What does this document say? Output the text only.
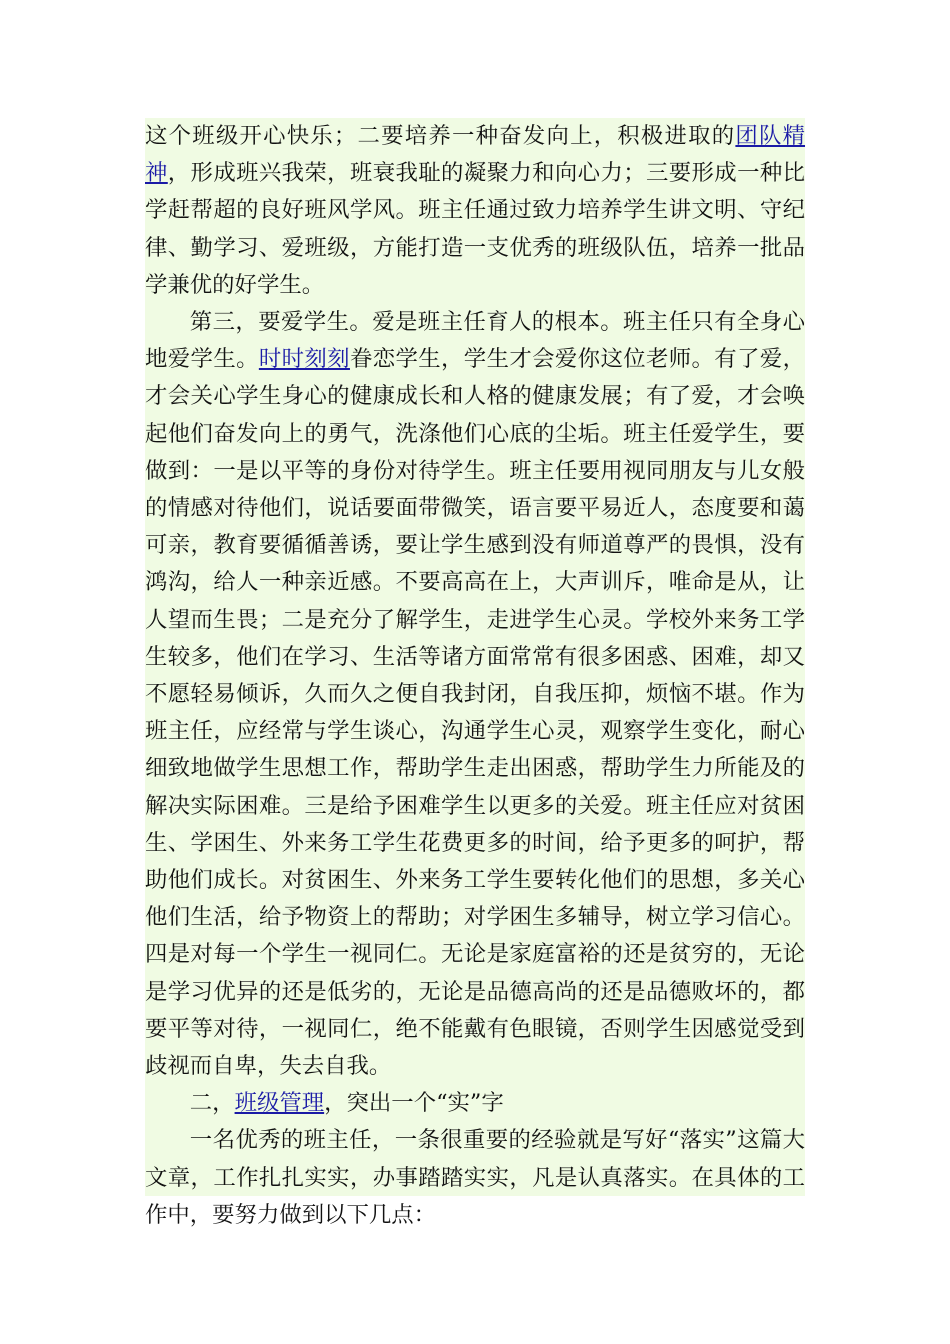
这个班级开心快乐；二要培养一种奋发向上，积极进取的团队精神，形成班兴我荣，班衰我耻的凝聚力和向心力；三要形成一种比学赶帮超的良好班风学风。班主任通过致力培养学生讲文明、守纪律、勤学习、爱班级，方能打造一支优秀的班级队伍，培养一批品学兼优的好学生。

第三，要爱学生。爱是班主任育人的根本。班主任只有全身心地爱学生。时时刻刻眷恋学生，学生才会爱你这位老师。有了爱，才会关心学生身心的健康成长和人格的健康发展；有了爱，才会唤起他们奋发向上的勇气，洗涤他们心底的尘垢。班主任爱学生，要做到：一是以平等的身份对待学生。班主任要用视同朋友与儿女般的情感对待他们，说话要面带微笑，语言要平易近人，态度要和蔼可亲，教育要循循善诱，要让学生感到没有师道尊严的畏惧，没有鸿沟，给人一种亲近感。不要高高在上，大声训斥，唯命是从，让人望而生畏；二是充分了解学生，走进学生心灵。学校外来务工学生较多，他们在学习、生活等诸方面常常有很多困惑、困难，却又不愿轻易倾诉，久而久之便自我封闭，自我压抑，烦恼不堪。作为班主任，应经常与学生谈心，沟通学生心灵，观察学生变化，耐心细致地做学生思想工作，帮助学生走出困惑，帮助学生力所能及的解决实际困难。三是给予困难学生以更多的关爱。班主任应对贫困生、学困生、外来务工学生花费更多的时间，给予更多的呵护，帮助他们成长。对贫困生、外来务工学生要转化他们的思想，多关心他们生活，给予物资上的帮助；对学困生多辅导，树立学习信心。四是对每一个学生一视同仁。无论是家庭富裕的还是贫穷的，无论是学习优异的还是低劣的，无论是品德高尚的还是品德败坏的，都要平等对待，一视同仁，绝不能戴有色眼镜，否则学生因感觉受到歧视而自卑，失去自我。

二，班级管理，突出一个“实”字

一名优秀的班主任，一条很重要的经验就是写好“落实”这篇大文章，工作扎扎实实，办事踏踏实实，凡是认真落实。在具体的工作中，要努力做到以下几点：
